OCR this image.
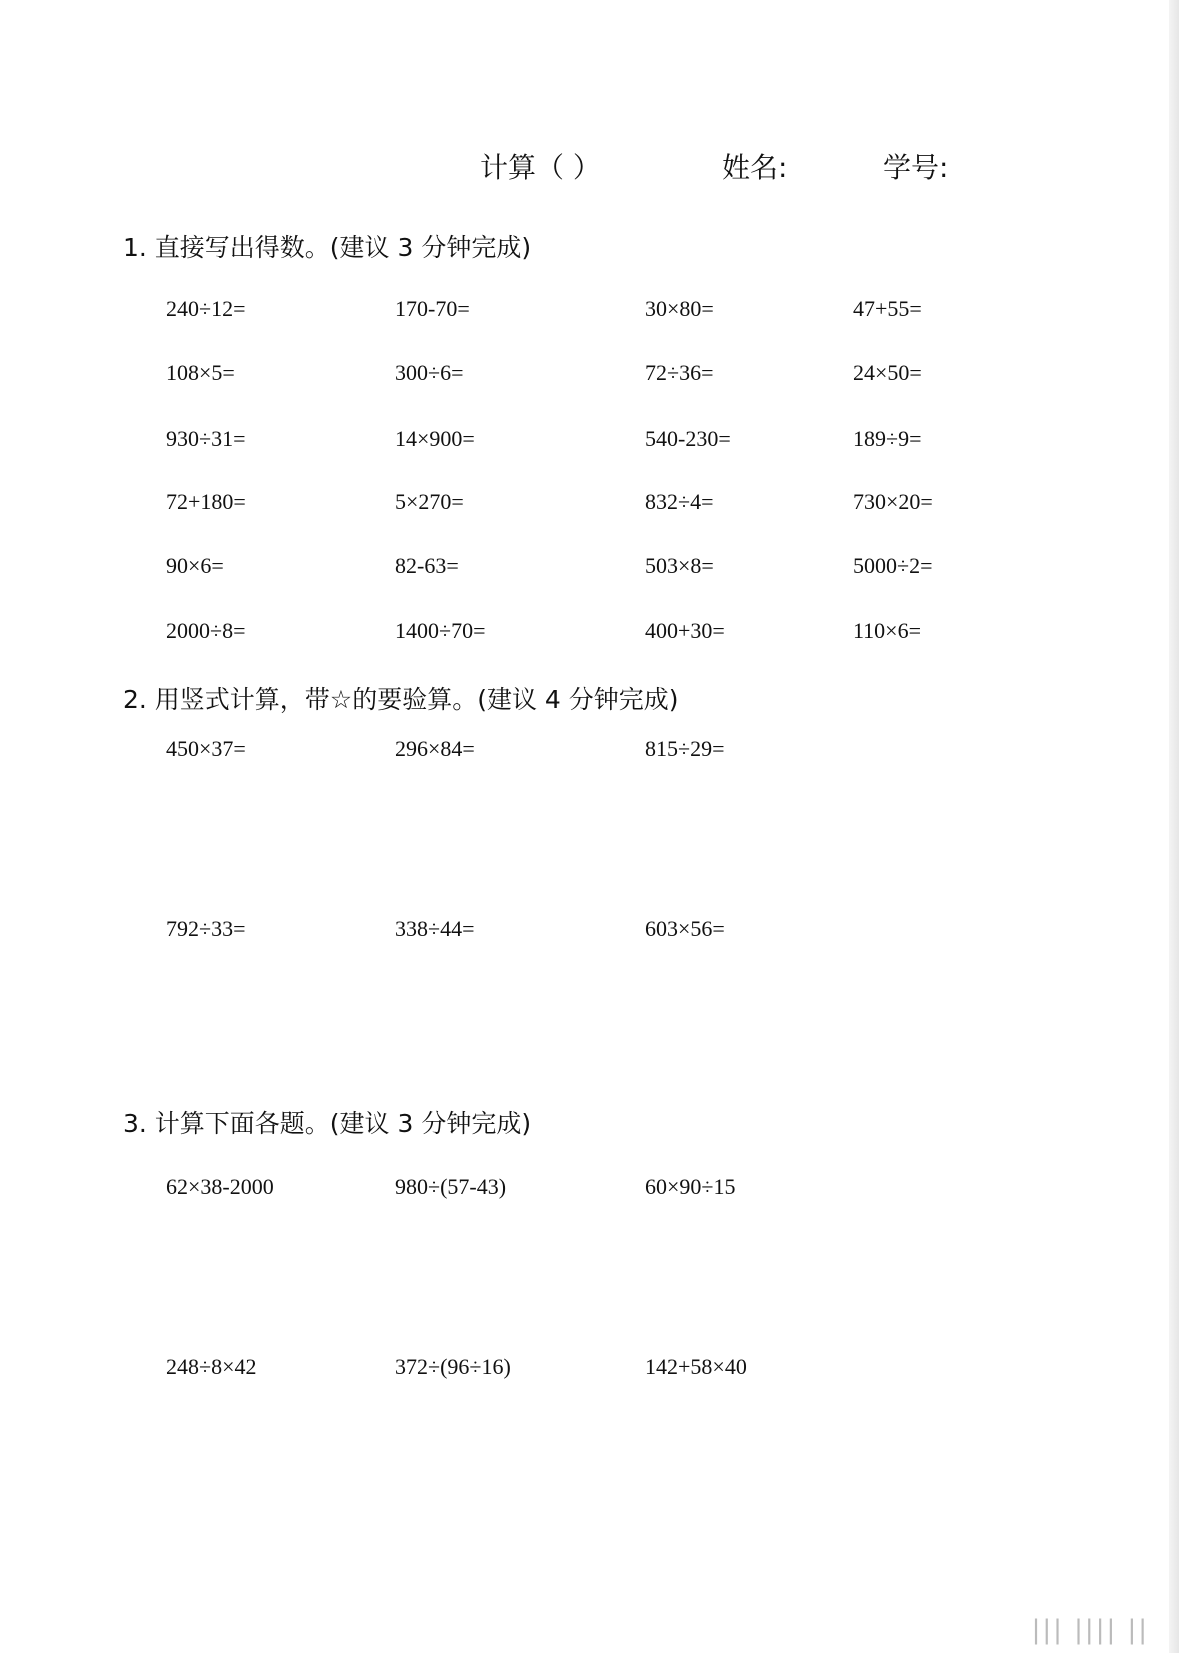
计算（ ）	姓名:	学号:
1. 直接写出得数。(建议 3 分钟完成)
240÷12=	170-70=	30×80=	47+55=
108×5=	300÷6=	72÷36=	24×50=
930÷31=	14×900=	540-230=	189÷9=
72+180=	5×270=	832÷4=	730×20=
90×6=	82-63=	503×8=	5000÷2=
2000÷8=	1400÷70=	400+30=	110×6=
2. 用竖式计算，带☆的要验算。(建议 4 分钟完成)
450×37=	296×84=	815÷29=
792÷33=	338÷44=	603×56=
3. 计算下面各题。(建议 3 分钟完成)
62×38-2000	980÷(57-43)	60×90÷15
248÷8×42	372÷(96÷16)	142+58×40
||| |||| ||
